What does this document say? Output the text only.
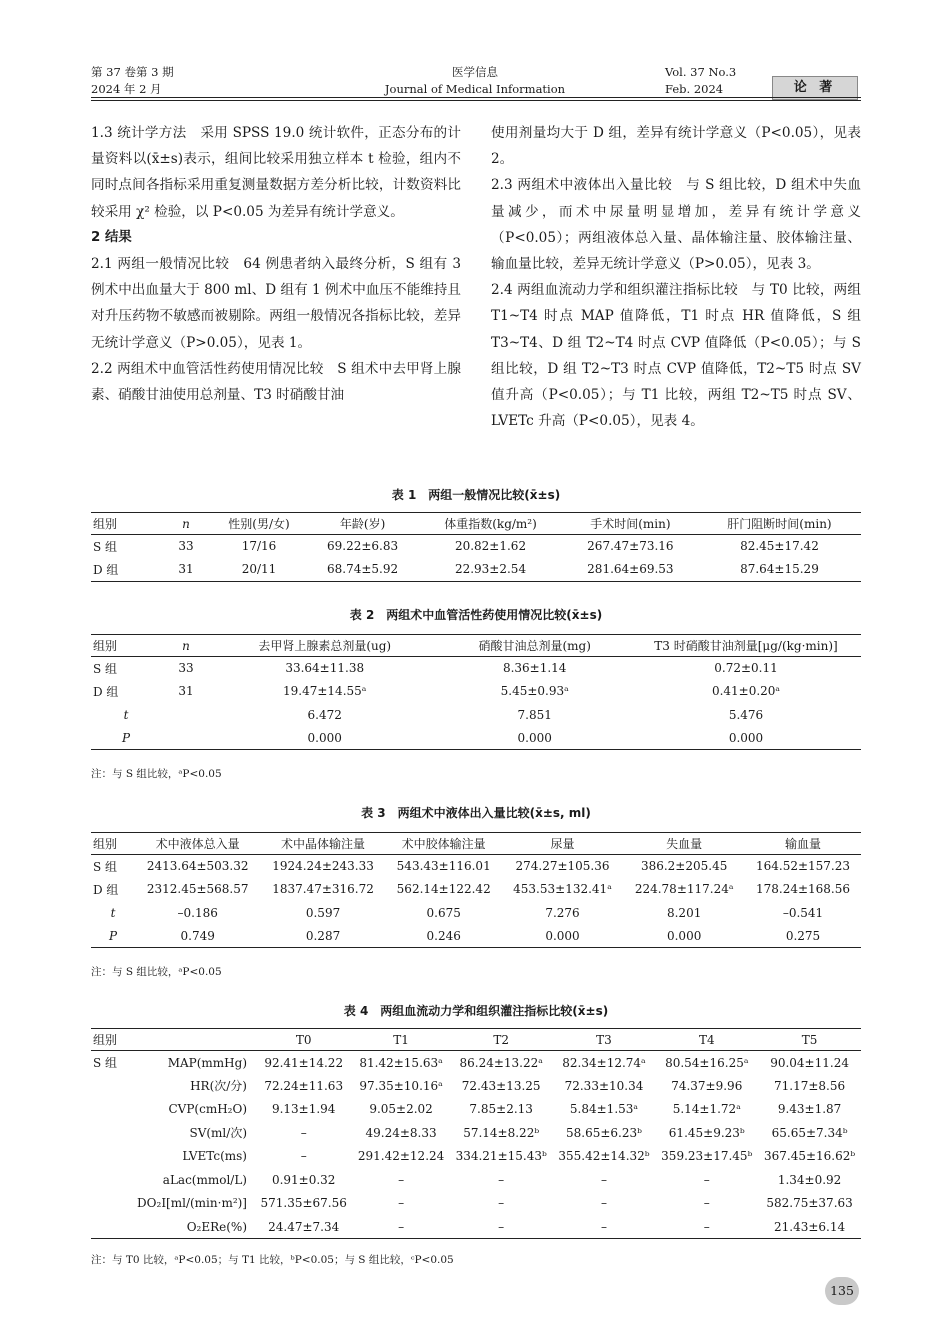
第 37 卷第 3 期
2024 年 2 月
医学信息
Journal of Medical Information
Vol. 37 No.3
Feb. 2024	论 著

1.3 统计学方法　采用 SPSS 19.0 统计软件，正态分布的计量资料以(x̄±s)表示，组间比较采用独立样本 t 检验，组内不同时点间各指标采用重复测量数据方差分析比较，计数资料比较采用 χ² 检验，以 P<0.05 为差异有统计学意义。

2 结果

2.1 两组一般情况比较　64 例患者纳入最终分析，S 组有 3 例术中出血量大于 800 ml、D 组有 1 例术中血压不能维持且对升压药物不敏感而被剔除。两组一般情况各指标比较，差异无统计学意义（P>0.05），见表 1。

2.2 两组术中血管活性药使用情况比较　S 组术中去甲肾上腺素、硝酸甘油使用总剂量、T3 时硝酸甘油

使用剂量均大于 D 组，差异有统计学意义（P<0.05），见表 2。

2.3 两组术中液体出入量比较　与 S 组比较，D 组术中失血量减少，而术中尿量明显增加，差异有统计学意义（P<0.05）；两组液体总入量、晶体输注量、胶体输注量、输血量比较，差异无统计学意义（P>0.05），见表 3。

2.4 两组血流动力学和组织灌注指标比较　与 T0 比较，两组 T1~T4 时点 MAP 值降低，T1 时点 HR 值降低，S 组 T3~T4、D 组 T2~T4 时点 CVP 值降低（P<0.05）；与 S 组比较，D 组 T2~T3 时点 CVP 值降低，T2~T5 时点 SV 值升高（P<0.05）；与 T1 比较，两组 T2~T5 时点 SV、LVETc 升高（P<0.05），见表 4。

表 1　两组一般情况比较(x̄±s)
组别	n	性别(男/女)	年龄(岁)	体重指数(kg/m²)	手术时间(min)	肝门阻断时间(min)
S 组	33	17/16	69.22±6.83	20.82±1.62	267.47±73.16	82.45±17.42
D 组	31	20/11	68.74±5.92	22.93±2.54	281.64±69.53	87.64±15.29
表 2　两组术中血管活性药使用情况比较(x̄±s)
组别	n	去甲肾上腺素总剂量(ug)	硝酸甘油总剂量(mg)	T3 时硝酸甘油剂量[μg/(kg·min)]
S 组	33	33.64±11.38	8.36±1.14	0.72±0.11
D 组	31	19.47±14.55ᵃ	5.45±0.93ᵃ	0.41±0.20ᵃ
t		6.472	7.851	5.476
P		0.000	0.000	0.000
注：与 S 组比较，ᵃP<0.05
表 3　两组术中液体出入量比较(x̄±s, ml)
组别	术中液体总入量	术中晶体输注量	术中胶体输注量	尿量	失血量	输血量
S 组	2413.64±503.32	1924.24±243.33	543.43±116.01	274.27±105.36	386.2±205.45	164.52±157.23
D 组	2312.45±568.57	1837.47±316.72	562.14±122.42	453.53±132.41ᵃ	224.78±117.24ᵃ	178.24±168.56
t	–0.186	0.597	0.675	7.276	8.201	–0.541
P	0.749	0.287	0.246	0.000	0.000	0.275
注：与 S 组比较，ᵃP<0.05
表 4　两组血流动力学和组织灌注指标比较(x̄±s)
组别		T0	T1	T2	T3	T4	T5
S 组	MAP(mmHg)	92.41±14.22	81.42±15.63ᵃ	86.24±13.22ᵃ	82.34±12.74ᵃ	80.54±16.25ᵃ	90.04±11.24
	HR(次/分)	72.24±11.63	97.35±10.16ᵃ	72.43±13.25	72.33±10.34	74.37±9.96	71.17±8.56
	CVP(cmH₂O)	9.13±1.94	9.05±2.02	7.85±2.13	5.84±1.53ᵃ	5.14±1.72ᵃ	9.43±1.87
	SV(ml/次)	–	49.24±8.33	57.14±8.22ᵇ	58.65±6.23ᵇ	61.45±9.23ᵇ	65.65±7.34ᵇ
	LVETc(ms)	–	291.42±12.24	334.21±15.43ᵇ	355.42±14.32ᵇ	359.23±17.45ᵇ	367.45±16.62ᵇ
	aLac(mmol/L)	0.91±0.32	–	–	–	–	1.34±0.92
	DO₂I[ml/(min·m²)]	571.35±67.56	–	–	–	–	582.75±37.63
	O₂ERe(%)	24.47±7.34	–	–	–	–	21.43±6.14
注：与 T0 比较，ᵃP<0.05；与 T1 比较，ᵇP<0.05；与 S 组比较，ᶜP<0.05
135
